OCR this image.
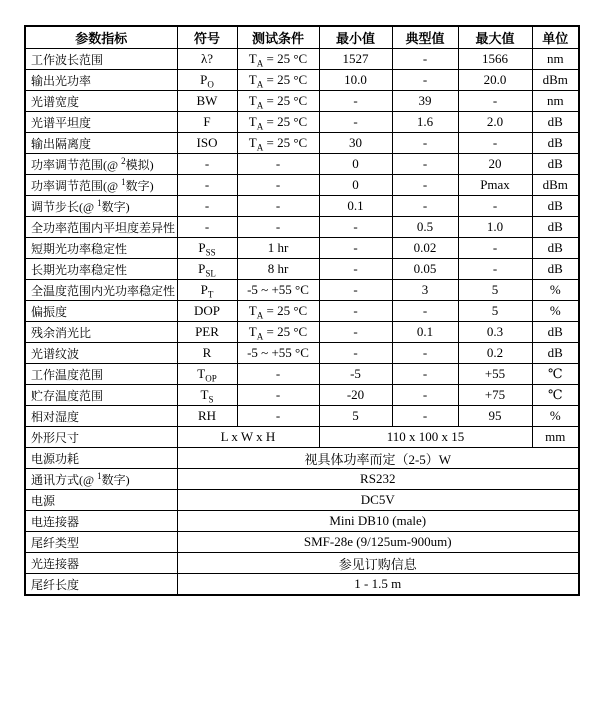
参数指标	符号	测试条件	最小值	典型值	最大值	单位
工作波长范围	λ?	$T_A = 25$ °C	1527	-	1566	nm
输出光功率	$P_O$	$T_A = 25$ °C	10.0	-	20.0	dBm
光谱宽度	BW	$T_A = 25$ °C	-	39	-	nm
光谱平坦度	F	$T_A = 25$ °C	-	1.6	2.0	dB
输出隔离度	ISO	$T_A = 25$ °C	30	-	-	dB
功率调节范围(@ $^2$模拟)	-	-	0	-	20	dB
功率调节范围(@ $^1$数字)	-	-	0	-	Pmax	dBm
调节步长(@ $^1$数字)	-	-	0.1	-	-	dB
全功率范围内平坦度差异性	-	-	-	0.5	1.0	dB
短期光功率稳定性	$P_{SS}$	1 hr	-	0.02	-	dB
长期光功率稳定性	$P_{SL}$	8 hr	-	0.05	-	dB
全温度范围内光功率稳定性	$P_T$	-5 ~ +55 °C	-	3	5	%
偏振度	DOP	$T_A = 25$ °C	-	-	5	%
残余消光比	PER	$T_A = 25$ °C	-	0.1	0.3	dB
光谱纹波	R	-5 ~ +55 °C	-	-	0.2	dB
工作温度范围	$T_{OP}$	-	-5	-	+55	℃
贮存温度范围	$T_S$	-	-20	-	+75	℃
相对湿度	RH	-	5	-	95	%
外形尺寸	L x W x H		110 x 100 x 15			mm
电源功耗	视具体功率而定（2-5）W					
通讯方式(@ $^1$数字)	RS232					
电源	DC5V					
电连接器	Mini DB10 (male)					
尾纤类型	SMF-28e (9/125um-900um)					
光连接器	参见订购信息					
尾纤长度	1 - 1.5 m					
